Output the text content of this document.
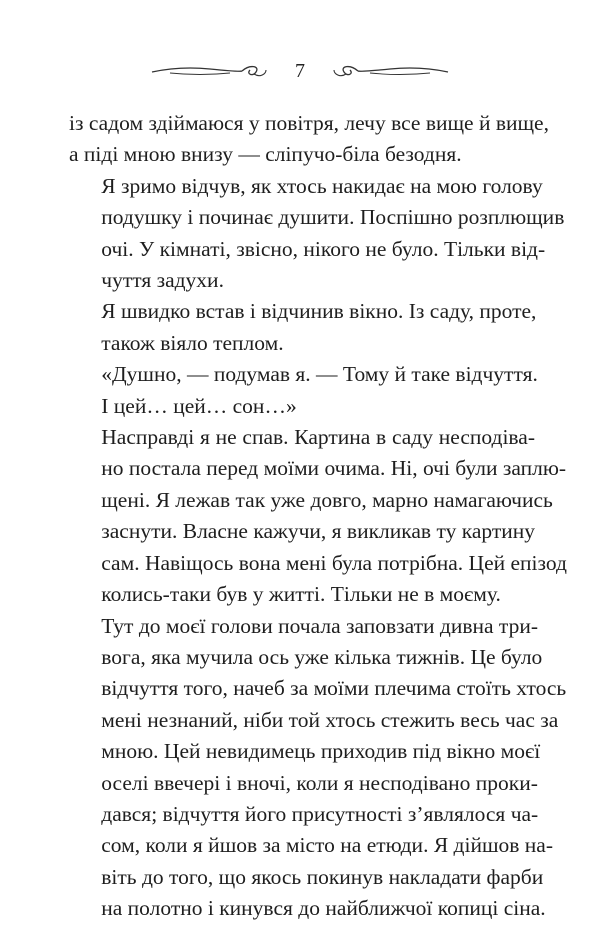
7
із садом здіймаюся у повітря, лечу все вище й вище,
а піді мною внизу — сліпучо-біла безодня.
Я зримо відчув, як хтось накидає на мою голову
подушку і починає душити. Поспішно розплющив
очі. У кімнаті, звісно, нікого не було. Тільки від-
чуття задухи.
Я швидко встав і відчинив вікно. Із саду, проте,
також віяло теплом.
«Душно, — подумав я. — Тому й таке відчуття.
І цей… цей… сон…»
Насправді я не спав. Картина в саду несподіва-
но постала перед моїми очима. Ні, очі були заплю-
щені. Я лежав так уже довго, марно намагаючись
заснути. Власне кажучи, я викликав ту картину
сам. Навіщось вона мені була потрібна. Цей епізод
колись-таки був у житті. Тільки не в моєму.
Тут до моєї голови почала заповзати дивна три-
вога, яка мучила ось уже кілька тижнів. Це було
відчуття того, начеб за моїми плечима стоїть хтось
мені незнаний, ніби той хтось стежить весь час за
мною. Цей невидимець приходив під вікно моєї
оселі ввечері і вночі, коли я несподівано проки-
дався; відчуття його присутності з’являлося ча-
сом, коли я йшов за місто на етюди. Я дійшов на-
віть до того, що якось покинув накладати фарби
на полотно і кинувся до найближчої копиці сіна.
